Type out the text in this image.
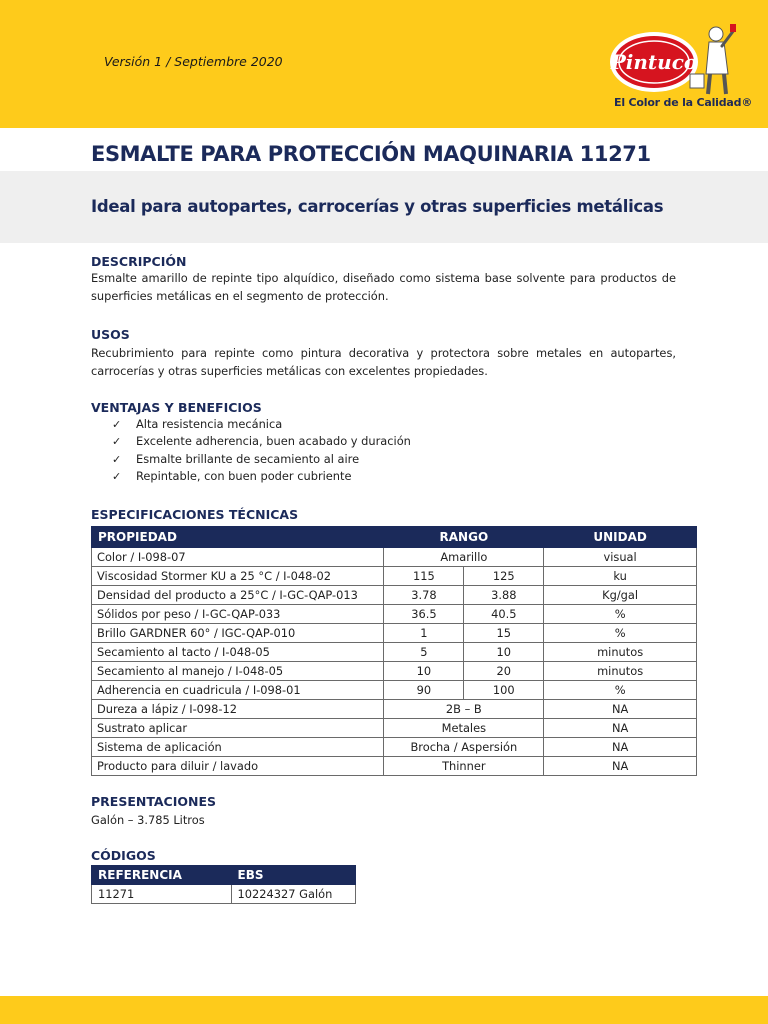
Versión 1 / Septiembre 2020	Pintuco
El Color de la Calidad®
ESMALTE PARA PROTECCIÓN MAQUINARIA 11271
Ideal para autopartes, carrocerías y otras superficies metálicas
DESCRIPCIÓN
Esmalte amarillo de repinte tipo alquídico, diseñado como sistema base solvente para productos de superficies metálicas en el segmento de protección.
USOS
Recubrimiento para repinte como pintura decorativa y protectora sobre metales en autopartes, carrocerías y otras superficies metálicas con excelentes propiedades.
VENTAJAS Y BENEFICIOS
✓	Alta resistencia mecánica
✓	Excelente adherencia, buen acabado y duración
✓	Esmalte brillante de secamiento al aire
✓	Repintable, con buen poder cubriente
ESPECIFICACIONES TÉCNICAS
PROPIEDAD	RANGO		UNIDAD
Color / I-098-07	Amarillo		visual
Viscosidad Stormer KU a 25 °C / I-048-02	115	125	ku
Densidad del producto a 25°C / I-GC-QAP-013	3.78	3.88	Kg/gal
Sólidos por peso / I-GC-QAP-033	36.5	40.5	%
Brillo GARDNER 60° / IGC-QAP-010	1	15	%
Secamiento al tacto / I-048-05	5	10	minutos
Secamiento al manejo / I-048-05	10	20	minutos
Adherencia en cuadricula / I-098-01	90	100	%
Dureza a lápiz / I-098-12	2B – B		NA
Sustrato aplicar	Metales		NA
Sistema de aplicación	Brocha / Aspersión		NA
Producto para diluir / lavado	Thinner		NA
PRESENTACIONES
Galón – 3.785 Litros
CÓDIGOS
REFERENCIA	EBS
11271	10224327 Galón
